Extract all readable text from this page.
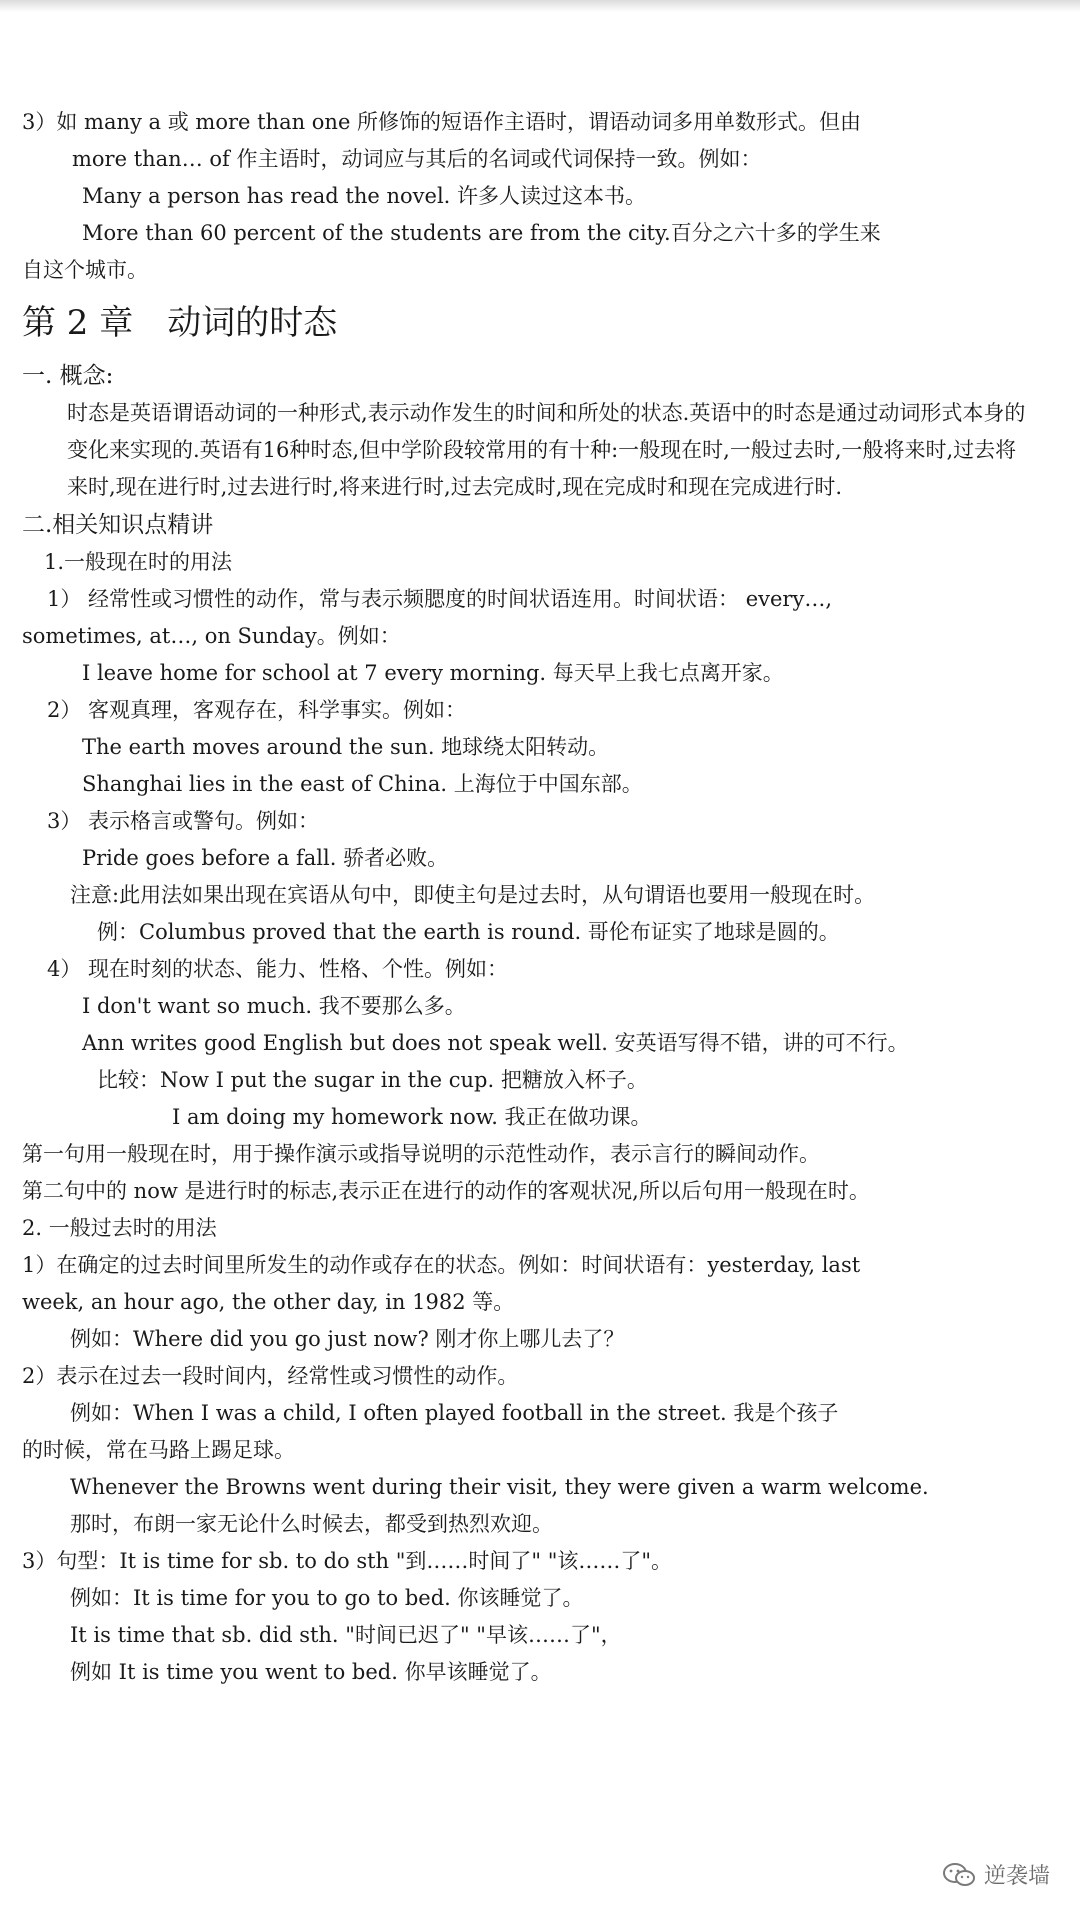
3）如 many a 或 more than one 所修饰的短语作主语时，谓语动词多用单数形式。但由
more than… of 作主语时，动词应与其后的名词或代词保持一致。例如：
Many a person has read the novel. 许多人读过这本书。
More than 60 percent of the students are from the city.百分之六十多的学生来
自这个城市。
第 2 章　动词的时态
一. 概念:
时态是英语谓语动词的一种形式,表示动作发生的时间和所处的状态.英语中的时态是通过动词形式本身的变化来实现的.英语有16种时态,但中学阶段较常用的有十种:一般现在时,一般过去时,一般将来时,过去将来时,现在进行时,过去进行时,将来进行时,过去完成时,现在完成时和现在完成进行时.
二.相关知识点精讲
1.一般现在时的用法
1） 经常性或习惯性的动作，常与表示频腮度的时间状语连用。时间状语： every…,
sometimes, at…, on Sunday。例如：
I leave home for school at 7 every morning. 每天早上我七点离开家。
2） 客观真理，客观存在，科学事实。例如：
The earth moves around the sun. 地球绕太阳转动。
Shanghai lies in the east of China. 上海位于中国东部。
3） 表示格言或警句。例如：
Pride goes before a fall. 骄者必败。
注意:此用法如果出现在宾语从句中，即使主句是过去时，从句谓语也要用一般现在时。
例：Columbus proved that the earth is round. 哥伦布证实了地球是圆的。
4） 现在时刻的状态、能力、性格、个性。例如：
I don't want so much. 我不要那么多。
Ann writes good English but does not speak well. 安英语写得不错，讲的可不行。
比较：Now I put the sugar in the cup. 把糖放入杯子。
I am doing my homework now. 我正在做功课。
第一句用一般现在时，用于操作演示或指导说明的示范性动作，表示言行的瞬间动作。
第二句中的 now 是进行时的标志,表示正在进行的动作的客观状况,所以后句用一般现在时。
2. 一般过去时的用法
1）在确定的过去时间里所发生的动作或存在的状态。例如：时间状语有：yesterday, last
week, an hour ago, the other day, in 1982 等。
例如：Where did you go just now? 刚才你上哪儿去了？
2）表示在过去一段时间内，经常性或习惯性的动作。
例如：When I was a child, I often played football in the street. 我是个孩子
的时候，常在马路上踢足球。
Whenever the Browns went during their visit, they were given a warm welcome.
那时，布朗一家无论什么时候去，都受到热烈欢迎。
3）句型：It is time for sb. to do sth "到……时间了" "该……了"。
例如：It is time for you to go to bed. 你该睡觉了。
It is time that sb. did sth. "时间已迟了" "早该……了"，
例如 It is time you went to bed. 你早该睡觉了。
逆袭墙
